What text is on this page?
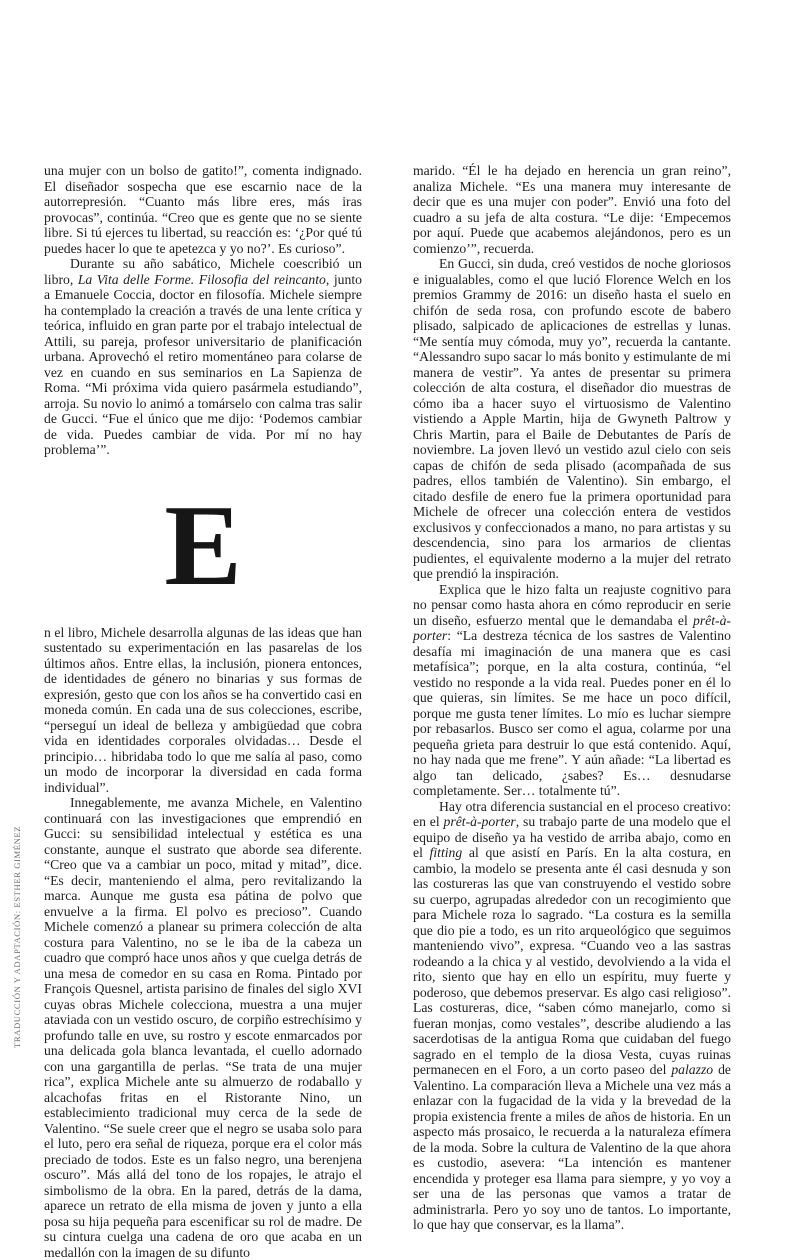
una mujer con un bolso de gatito!”, comenta indignado. El diseñador sospecha que ese escarnio nace de la autorrepresión. “Cuanto más libre eres, más iras provocas”, continúa. “Creo que es gente que no se siente libre. Si tú ejerces tu libertad, su reacción es: ‘¿Por qué tú puedes hacer lo que te apetezca y yo no?’. Es curioso”.

Durante su año sabático, Michele coescribió un libro, La Vita delle Forme. Filosofia del reincanto, junto a Emanuele Coccia, doctor en filosofía. Michele siempre ha contemplado la creación a través de una lente crítica y teórica, influido en gran parte por el trabajo intelectual de Attili, su pareja, profesor universitario de planificación urbana. Aprovechó el retiro momentáneo para colarse de vez en cuando en sus seminarios en La Sapienza de Roma. “Mi próxima vida quiero pasármela estudiando”, arroja. Su novio lo animó a tomárselo con calma tras salir de Gucci. “Fue el único que me dijo: ‘Podemos cambiar de vida. Puedes cambiar de vida. Por mí no hay problema’”.

E

n el libro, Michele desarrolla algunas de las ideas que han sustentado su experimentación en las pasarelas de los últimos años. Entre ellas, la inclusión, pionera entonces, de identidades de género no binarias y sus formas de expresión, gesto que con los años se ha convertido casi en moneda común. En cada una de sus colecciones, escribe, “perseguí un ideal de belleza y ambigüedad que cobra vida en identidades corporales olvidadas… Desde el principio… hibridaba todo lo que me salía al paso, como un modo de incorporar la diversidad en cada forma individual”.

Innegablemente, me avanza Michele, en Valentino continuará con las investigaciones que emprendió en Gucci: su sensibilidad intelectual y estética es una constante, aunque el sustrato que aborde sea diferente. “Creo que va a cambiar un poco, mitad y mitad”, dice. “Es decir, manteniendo el alma, pero revitalizando la marca. Aunque me gusta esa pátina de polvo que envuelve a la firma. El polvo es precioso”. Cuando Michele comenzó a planear su primera colección de alta costura para Valentino, no se le iba de la cabeza un cuadro que compró hace unos años y que cuelga detrás de una mesa de comedor en su casa en Roma. Pintado por François Quesnel, artista parisino de finales del siglo XVI cuyas obras Michele colecciona, muestra a una mujer ataviada con un vestido oscuro, de corpiño estrechísimo y profundo talle en uve, su rostro y escote enmarcados por una delicada gola blanca levantada, el cuello adornado con una gargantilla de perlas. “Se trata de una mujer rica”, explica Michele ante su almuerzo de rodaballo y alcachofas fritas en el Ristorante Nino, un establecimiento tradicional muy cerca de la sede de Valentino. “Se suele creer que el negro se usaba solo para el luto, pero era señal de riqueza, porque era el color más preciado de todos. Este es un falso negro, una berenjena oscuro”. Más allá del tono de los ropajes, le atrajo el simbolismo de la obra. En la pared, detrás de la dama, aparece un retrato de ella misma de joven y junto a ella posa su hija pequeña para escenificar su rol de madre. De su cintura cuelga una cadena de oro que acaba en un medallón con la imagen de su difunto

marido. “Él le ha dejado en herencia un gran reino”, analiza Michele. “Es una manera muy interesante de decir que es una mujer con poder”. Envió una foto del cuadro a su jefa de alta costura. “Le dije: ‘Empecemos por aquí. Puede que acabemos alejándonos, pero es un comienzo’”, recuerda.

En Gucci, sin duda, creó vestidos de noche gloriosos e inigualables, como el que lució Florence Welch en los premios Grammy de 2016: un diseño hasta el suelo en chifón de seda rosa, con profundo escote de babero plisado, salpicado de aplicaciones de estrellas y lunas. “Me sentía muy cómoda, muy yo”, recuerda la cantante. “Alessandro supo sacar lo más bonito y estimulante de mi manera de vestir”. Ya antes de presentar su primera colección de alta costura, el diseñador dio muestras de cómo iba a hacer suyo el virtuosismo de Valentino vistiendo a Apple Martin, hija de Gwyneth Paltrow y Chris Martin, para el Baile de Debutantes de París de noviembre. La joven llevó un vestido azul cielo con seis capas de chifón de seda plisado (acompañada de sus padres, ellos también de Valentino). Sin embargo, el citado desfile de enero fue la primera oportunidad para Michele de ofrecer una colección entera de vestidos exclusivos y confeccionados a mano, no para artistas y su descendencia, sino para los armarios de clientas pudientes, el equivalente moderno a la mujer del retrato que prendió la inspiración.

Explica que le hizo falta un reajuste cognitivo para no pensar como hasta ahora en cómo reproducir en serie un diseño, esfuerzo mental que le demandaba el prêt-à-porter: “La destreza técnica de los sastres de Valentino desafía mi imaginación de una manera que es casi metafísica”; porque, en la alta costura, continúa, “el vestido no responde a la vida real. Puedes poner en él lo que quieras, sin límites. Se me hace un poco difícil, porque me gusta tener límites. Lo mío es luchar siempre por rebasarlos. Busco ser como el agua, colarme por una pequeña grieta para destruir lo que está contenido. Aquí, no hay nada que me frene”. Y aún añade: “La libertad es algo tan delicado, ¿sabes? Es… desnudarse completamente. Ser… totalmente tú”.

Hay otra diferencia sustancial en el proceso creativo: en el prêt-à-porter, su trabajo parte de una modelo que el equipo de diseño ya ha vestido de arriba abajo, como en el fitting al que asistí en París. En la alta costura, en cambio, la modelo se presenta ante él casi desnuda y son las costureras las que van construyendo el vestido sobre su cuerpo, agrupadas alrededor con un recogimiento que para Michele roza lo sagrado. “La costura es la semilla que dio pie a todo, es un rito arqueológico que seguimos manteniendo vivo”, expresa. “Cuando veo a las sastras rodeando a la chica y al vestido, devolviendo a la vida el rito, siento que hay en ello un espíritu, muy fuerte y poderoso, que debemos preservar. Es algo casi religioso”. Las costureras, dice, “saben cómo manejarlo, como si fueran monjas, como vestales”, describe aludiendo a las sacerdotisas de la antigua Roma que cuidaban del fuego sagrado en el templo de la diosa Vesta, cuyas ruinas permanecen en el Foro, a un corto paseo del palazzo de Valentino. La comparación lleva a Michele una vez más a enlazar con la fugacidad de la vida y la brevedad de la propia existencia frente a miles de años de historia. En un aspecto más prosaico, le recuerda a la naturaleza efímera de la moda. Sobre la cultura de Valentino de la que ahora es custodio, asevera: “La intención es mantener encendida y proteger esa llama para siempre, y yo voy a ser una de las personas que vamos a tratar de administrarla. Pero yo soy uno de tantos. Lo importante, lo que hay que conservar, es la llama”.

TRADUCCIÓN Y ADAPTACIÓN: ESTHER GIMÉNEZ
